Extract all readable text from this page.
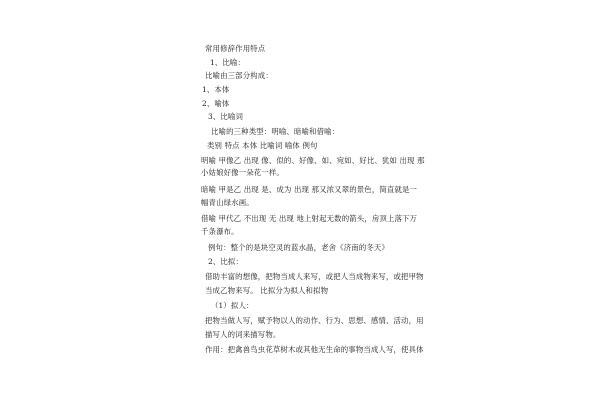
常用修辞作用特点
1、比喻：
比喻由三部分构成：
1、本体
2、喻体
3、比喻词
比喻的三种类型：明喻、暗喻和借喻：
类别 特点 本体 比喻词 喻体 例句
明喻 甲像乙 出现 像、似的、好像、如、宛如、好比、犹如 出现 那
小姑娘好像一朵花一样。
暗喻 甲是乙 出现 是、成为 出现 那又浓又翠的景色，简直就是一
幅青山绿水画。
借喻 甲代乙 不出现 无 出现 地上射起无数的箭头，房顶上落下万
千条瀑布。
例句：整个的是块空灵的蓝水晶，老舍《济南的冬天》
2、比拟：
借助丰富的想像，把物当成人来写，或把人当成物来写，或把甲物
当成乙物来写。 比拟分为拟人和拟物
（1）拟人：
把物当做人写，赋予物以人的动作、行为、思想、感情、活动，用
描写人的词来描写物。
作用：把禽兽鸟虫花草树木或其他无生命的事物当成人写，使具体
